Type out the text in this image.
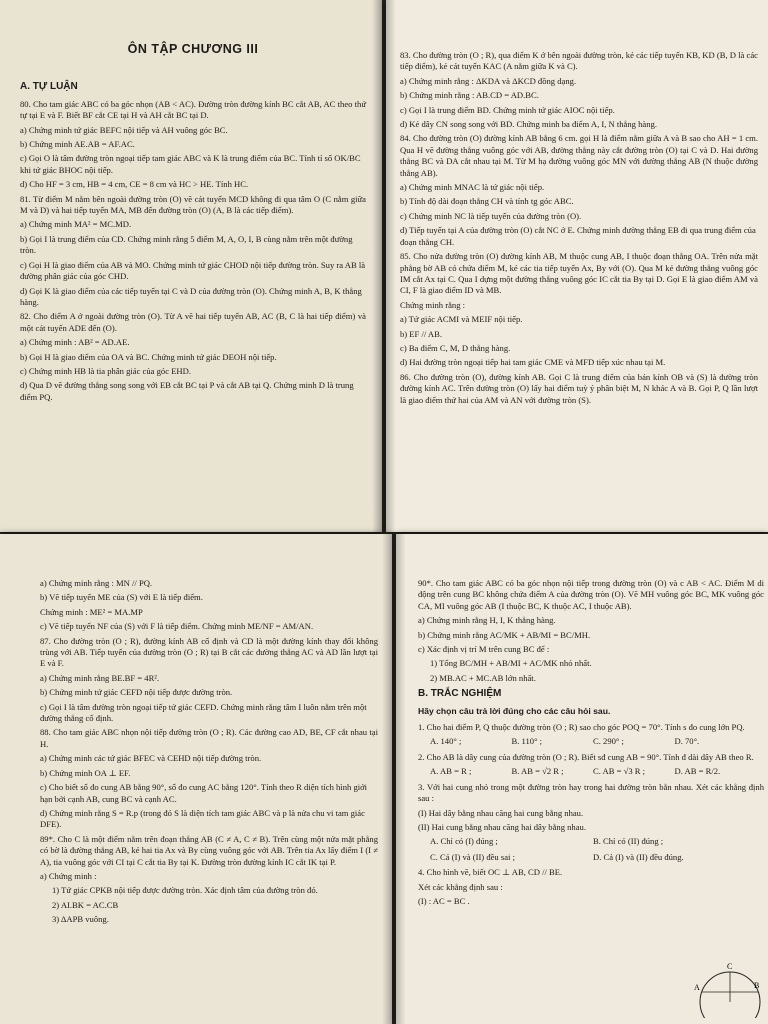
ÔN TẬP CHƯƠNG III
A. TỰ LUẬN
80. Cho tam giác ABC có ba góc nhọn (AB < AC). Đường tròn đường kính BC cắt AB, AC theo thứ tự tại E và F. Biết BF cắt CE tại H và AH cắt BC tại D.
a) Chứng minh tứ giác BEFC nội tiếp và AH vuông góc BC.
b) Chứng minh AE.AB = AF.AC.
c) Gọi O là tâm đường tròn ngoại tiếp tam giác ABC và K là trung điểm của BC. Tính tỉ số OK/BC khi tứ giác BHOC nội tiếp.
d) Cho HF = 3 cm, HB = 4 cm, CE = 8 cm và HC > HE. Tính HC.
81. Từ điểm M nằm bên ngoài đường tròn (O) vẽ cát tuyến MCD không đi qua tâm O (C nằm giữa M và D) và hai tiếp tuyến MA, MB đến đường tròn (O) (A, B là các tiếp điểm).
a) Chứng minh MA² = MC.MD.
b) Gọi I là trung điểm của CD. Chứng minh rằng 5 điểm M, A, O, I, B cùng nằm trên một đường tròn.
c) Gọi H là giao điểm của AB và MO. Chứng minh tứ giác CHOD nội tiếp đường tròn. Suy ra AB là đường phân giác của góc CHD.
d) Gọi K là giao điểm của các tiếp tuyến tại C và D của đường tròn (O). Chứng minh A, B, K thẳng hàng.
82. Cho điểm A ở ngoài đường tròn (O). Từ A vẽ hai tiếp tuyến AB, AC (B, C là hai tiếp điểm) và một cát tuyến ADE đến (O).
a) Chứng minh : AB² = AD.AE.
b) Gọi H là giao điểm của OA và BC. Chứng minh tứ giác DEOH nội tiếp.
c) Chứng minh HB là tia phân giác của góc EHD.
d) Qua D vẽ đường thẳng song song với EB cắt BC tại P và cắt AB tại Q. Chứng minh D là trung điểm PQ.
83. Cho đường tròn (O ; R), qua điểm K ở bên ngoài đường tròn, kẻ các tiếp tuyến KB, KD (B, D là các tiếp điểm), kẻ cát tuyến KAC (A nằm giữa K và C).
a) Chứng minh rằng : ΔKDA và ΔKCD đồng dạng.
b) Chứng minh rằng : AB.CD = AD.BC.
c) Gọi I là trung điểm BD. Chứng minh tứ giác AIOC nội tiếp.
d) Kẻ dây CN song song với BD. Chứng minh ba điểm A, I, N thẳng hàng.
84. Cho đường tròn (O) đường kính AB bằng 6 cm. gọi H là điểm nằm giữa A và B sao cho AH = 1 cm. Qua H vẽ đường thẳng vuông góc với AB, đường thẳng này cắt đường tròn (O) tại C và D. Hai đường thẳng BC và DA cắt nhau tại M. Từ M hạ đường vuông góc MN với đường thẳng AB (N thuộc đường thẳng AB).
a) Chứng minh MNAC là tứ giác nội tiếp.
b) Tính độ dài đoạn thẳng CH và tính tg góc ABC.
c) Chứng minh NC là tiếp tuyến của đường tròn (O).
d) Tiếp tuyến tại A của đường tròn (O) cắt NC ở E. Chứng minh đường thẳng EB đi qua trung điểm của đoạn thẳng CH.
85. Cho nửa đường tròn (O) đường kính AB, M thuộc cung AB, I thuộc đoạn thẳng OA. Trên nửa mặt phẳng bờ AB có chứa điểm M, kẻ các tia tiếp tuyến Ax, By với (O). Qua M kẻ đường thẳng vuông góc IM cắt Ax tại C. Qua I dựng một đường thẳng vuông góc IC cắt tia By tại D. Gọi E là giao điểm AM và CI, F là giao điểm ID và MB.
Chứng minh rằng :
a) Tứ giác ACMI và MEIF nội tiếp.
b) EF // AB.
c) Ba điểm C, M, D thẳng hàng.
d) Hai đường tròn ngoại tiếp hai tam giác CME và MFD tiếp xúc nhau tại M.
86. Cho đường tròn (O), đường kính AB. Gọi C là trung điểm của bán kính OB và (S) là đường tròn đường kính AC. Trên đường tròn (O) lấy hai điểm tuỳ ý phân biệt M, N khác A và B. Gọi P, Q lần lượt là giao điểm thứ hai của AM và AN với đường tròn (S).
a) Chứng minh rằng : MN // PQ.
b) Vẽ tiếp tuyến ME của (S) với E là tiếp điểm.
Chứng minh : ME² = MA.MP
c) Vẽ tiếp tuyến NF của (S) với F là tiếp điểm. Chứng minh ME/NF = AM/AN.
87. Cho đường tròn (O ; R), đường kính AB cố định và CD là một đường kính thay đổi không trùng với AB. Tiếp tuyến của đường tròn (O ; R) tại B cắt các đường thẳng AC và AD lần lượt tại E và F.
a) Chứng minh rằng BE.BF = 4R².
b) Chứng minh tứ giác CEFD nội tiếp được đường tròn.
c) Gọi I là tâm đường tròn ngoại tiếp tứ giác CEFD. Chứng minh rằng tâm I luôn nằm trên một đường thẳng cố định.
88. Cho tam giác ABC nhọn nội tiếp đường tròn (O ; R). Các đường cao AD, BE, CF cắt nhau tại H.
a) Chứng minh các tứ giác BFEC và CEHD nội tiếp đường tròn.
b) Chứng minh OA ⊥ EF.
c) Cho biết số đo cung AB bằng 90°, số đo cung AC bằng 120°. Tính theo R diện tích hình giới hạn bởi cạnh AB, cung BC và cạnh AC.
d) Chứng minh rằng S = R.p (trong đó S là diện tích tam giác ABC và p là nửa chu vi tam giác DFE).
89*. Cho C là một điểm nằm trên đoạn thẳng AB (C ≠ A, C ≠ B). Trên cùng một nửa mặt phẳng có bờ là đường thẳng AB, kẻ hai tia Ax và By cùng vuông góc với AB. Trên tia Ax lấy điểm I (I ≠ A), tia vuông góc với CI tại C cắt tia By tại K. Đường tròn đường kính IC cắt IK tại P.
a) Chứng minh :
1) Tứ giác CPKB nội tiếp được đường tròn. Xác định tâm của đường tròn đó.
2) AI.BK = AC.CB
3) ΔAPB vuông.
90*. Cho tam giác ABC có ba góc nhọn nội tiếp trong đường tròn (O) và c AB < AC. Điểm M di động trên cung BC không chứa điểm A của đường tròn (O). Vẽ MH vuông góc BC, MK vuông góc CA, MI vuông góc AB (I thuộc BC, K thuộc AC, I thuộc AB).
a) Chứng minh rằng H, I, K thẳng hàng.
b) Chứng minh rằng AC/MK + AB/MI = BC/MH.
c) Xác định vị trí M trên cung BC để :
1) Tổng BC/MH + AB/MI + AC/MK nhỏ nhất.
2) MB.AC + MC.AB lớn nhất.
B. TRẮC NGHIỆM
Hãy chọn câu trả lời đúng cho các câu hỏi sau.
1. Cho hai điểm P, Q thuộc đường tròn (O ; R) sao cho góc POQ = 70°. Tính s đo cung lớn PQ.
A. 140° ;	B. 110° ;	C. 290° ;	D. 70°.
2. Cho AB là dây cung của đường tròn (O ; R). Biết sđ cung AB = 90°. Tính đ dài dây AB theo R.
A. AB = R ;	B. AB = √2 R ;	C. AB = √3 R ;	D. AB = R/2.
3. Với hai cung nhỏ trong một đường tròn hay trong hai đường tròn bằn nhau. Xét các khẳng định sau :
(I) Hai dây bằng nhau căng hai cung bằng nhau.
(II) Hai cung bằng nhau căng hai dây bằng nhau.
A. Chỉ có (I) đúng ;	B. Chỉ có (II) đúng ;
C. Cả (I) và (II) đều sai ;	D. Cả (I) và (II) đều đúng.
4. Cho hình vẽ, biết OC ⊥ AB, CD // BE.
Xét các khẳng định sau :
(I) : AC = BC .
A	B
C
